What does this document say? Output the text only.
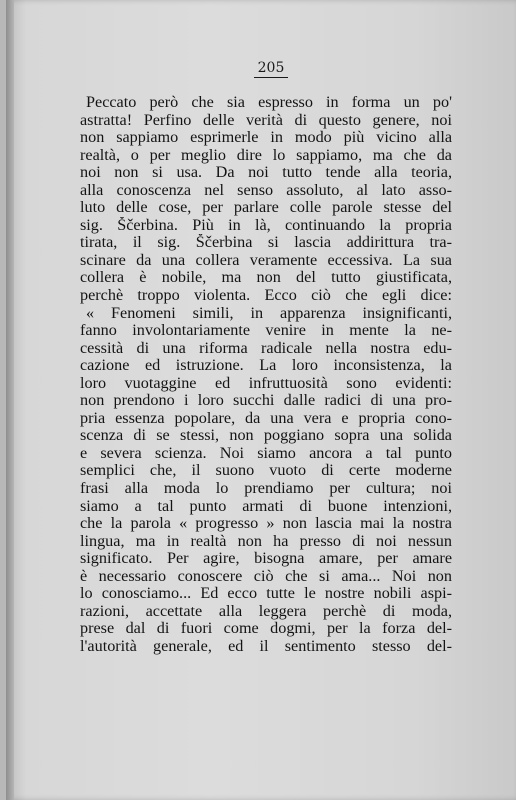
205
Peccato però che sia espresso in forma un po'
astratta! Perfino delle verità di questo genere, noi
non sappiamo esprimerle in modo più vicino alla
realtà, o per meglio dire lo sappiamo, ma che da
noi non si usa. Da noi tutto tende alla teoria,
alla conoscenza nel senso assoluto, al lato asso-
luto delle cose, per parlare colle parole stesse del
sig. Ščerbina. Più in là, continuando la propria
tirata, il sig. Ščerbina si lascia addirittura tra-
scinare da una collera veramente eccessiva. La sua
collera è nobile, ma non del tutto giustificata,
perchè troppo violenta. Ecco ciò che egli dice:
« Fenomeni simili, in apparenza insignificanti,
fanno involontariamente venire in mente la ne-
cessità di una riforma radicale nella nostra edu-
cazione ed istruzione. La loro inconsistenza, la
loro vuotaggine ed infruttuosità sono evidenti:
non prendono i loro succhi dalle radici di una pro-
pria essenza popolare, da una vera e propria cono-
scenza di se stessi, non poggiano sopra una solida
e severa scienza. Noi siamo ancora a tal punto
semplici che, il suono vuoto di certe moderne
frasi alla moda lo prendiamo per cultura; noi
siamo a tal punto armati di buone intenzioni,
che la parola « progresso » non lascia mai la nostra
lingua, ma in realtà non ha presso di noi nessun
significato. Per agire, bisogna amare, per amare
è necessario conoscere ciò che si ama... Noi non
lo conosciamo... Ed ecco tutte le nostre nobili aspi-
razioni, accettate alla leggera perchè di moda,
prese dal di fuori come dogmi, per la forza del-
l'autorità generale, ed il sentimento stesso del-
